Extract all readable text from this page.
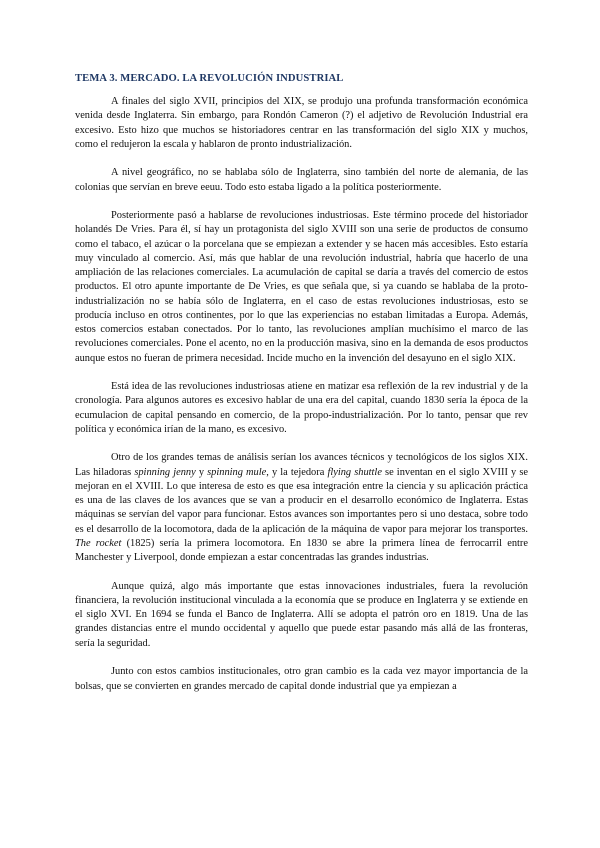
TEMA 3. MERCADO. LA REVOLUCIÓN INDUSTRIAL

A finales del siglo XVII, principios del XIX, se produjo una profunda transformación económica venida desde Inglaterra. Sin embargo, para Rondón Cameron (?) el adjetivo de Revolución Industrial era excesivo. Esto hizo que muchos se historiadores centrar en las transformación del siglo XIX y muchos, como el redujeron la escala y hablaron de pronto industrialización.

A nivel geográfico, no se hablaba sólo de Inglaterra, sino también del norte de alemania, de las colonias que servían en breve eeuu. Todo esto estaba ligado a la política posteriormente.

Posteriormente pasó a hablarse de revoluciones industriosas. Este término procede del historiador holandés De Vries. Para él, sí hay un protagonista del siglo XVIII son una serie de productos de consumo como el tabaco, el azúcar o la porcelana que se empiezan a extender y se hacen más accesibles. Esto estaría muy vinculado al comercio. Así, más que hablar de una revolución industrial, habría que hacerlo de una ampliación de las relaciones comerciales. La acumulación de capital se daría a través del comercio de estos productos. El otro apunte importante de De Vries, es que señala que, si ya cuando se hablaba de la proto-industrialización no se había sólo de Inglaterra, en el caso de estas revoluciones industriosas, esto se producía incluso en otros continentes, por lo que las experiencias no estaban limitadas a Europa. Además, estos comercios estaban conectados. Por lo tanto, las revoluciones amplían muchísimo el marco de las revoluciones comerciales. Pone el acento, no en la producción masiva, sino en la demanda de esos productos aunque estos no fueran de primera necesidad. Incide mucho en la invención del desayuno en el siglo XIX.

Está idea de las revoluciones industriosas atiene en matizar esa reflexión de la rev industrial y de la cronología. Para algunos autores es excesivo hablar de una era del capital, cuando 1830 sería la época de la ecumulacion de capital pensando en comercio, de la propo-industrialización. Por lo tanto, pensar que rev política y económica irían de la mano, es excesivo.

Otro de los grandes temas de análisis serían los avances técnicos y tecnológicos de los siglos XIX. Las hiladoras spinning jenny y spinning mule, y la tejedora flying shuttle se inventan en el siglo XVIII y se mejoran en el XVIII. Lo que interesa de esto es que esa integración entre la ciencia y su aplicación práctica es una de las claves de los avances que se van a producir en el desarrollo económico de Inglaterra. Estas máquinas se servían del vapor para funcionar. Estos avances son importantes pero si uno destaca, sobre todo es el desarrollo de la locomotora, dada de la aplicación de la máquina de vapor para mejorar los transportes. The rocket (1825) sería la primera locomotora. En 1830 se abre la primera línea de ferrocarril entre Manchester y Liverpool, donde empiezan a estar concentradas las grandes industrias.

Aunque quizá, algo más importante que estas innovaciones industriales, fuera la revolución financiera, la revolución institucional vinculada a la economía que se produce en Inglaterra y se extiende en el siglo XVI. En 1694 se funda el Banco de Inglaterra. Allí se adopta el patrón oro en 1819. Una de las grandes distancias entre el mundo occidental y aquello que puede estar pasando más allá de las fronteras, sería la seguridad.

Junto con estos cambios institucionales, otro gran cambio es la cada vez mayor importancia de la bolsas, que se convierten en grandes mercado de capital donde industrial que ya empiezan a
